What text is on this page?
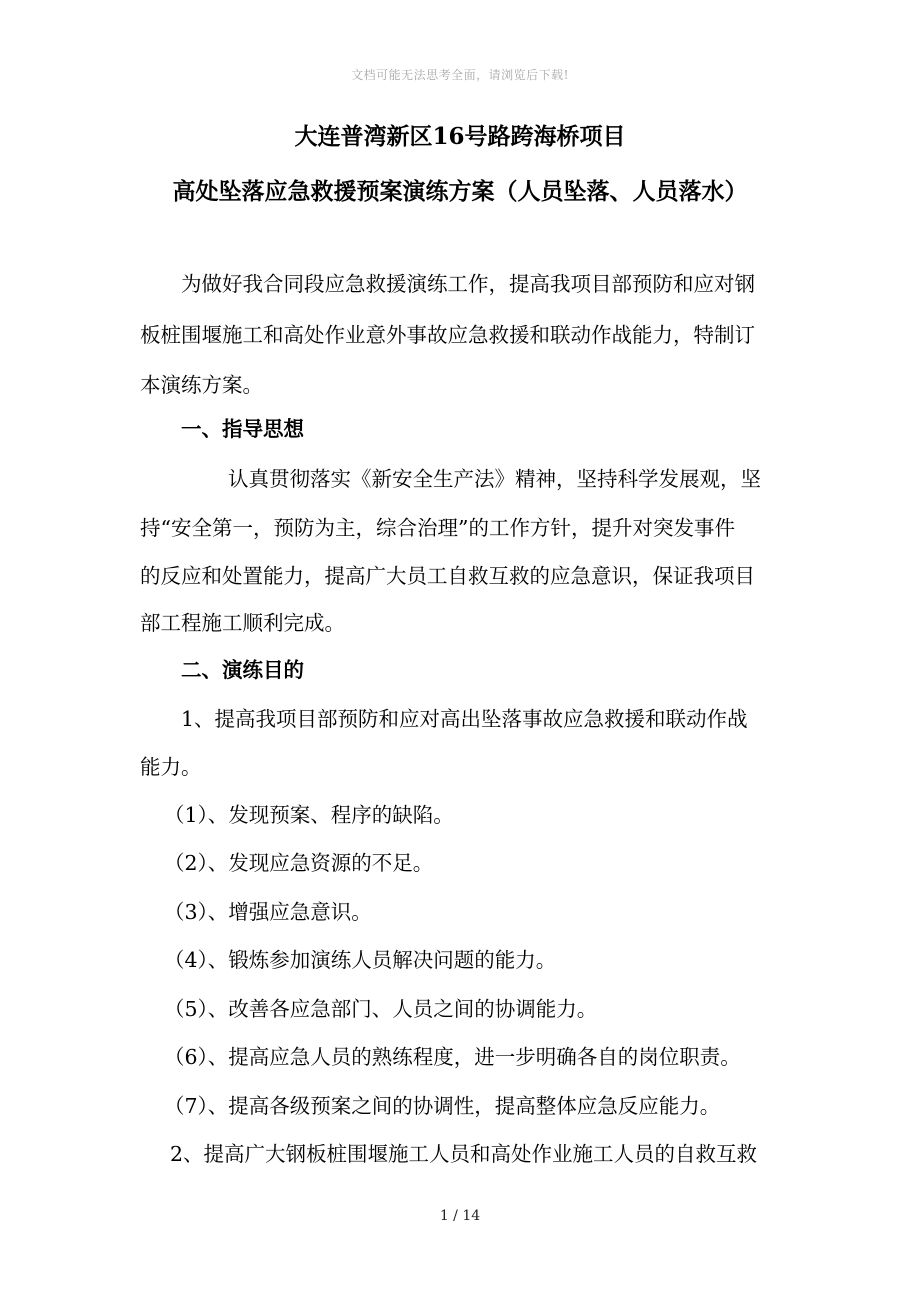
文档可能无法思考全面，请浏览后下载!
大连普湾新区16号路跨海桥项目
高处坠落应急救援预案演练方案（人员坠落、人员落水）
为做好我合同段应急救援演练工作，提高我项目部预防和应对钢
板桩围堰施工和高处作业意外事故应急救援和联动作战能力，特制订
本演练方案。
一、指导思想
认真贯彻落实《新安全生产法》精神，坚持科学发展观，坚
持“安全第一，预防为主，综合治理”的工作方针，提升对突发事件
的反应和处置能力，提高广大员工自救互救的应急意识，保证我项目
部工程施工顺利完成。
二、演练目的
1、提高我项目部预防和应对高出坠落事故应急救援和联动作战
能力。
（1）、发现预案、程序的缺陷。
（2）、发现应急资源的不足。
（3）、增强应急意识。
（4）、锻炼参加演练人员解决问题的能力。
（5）、改善各应急部门、人员之间的协调能力。
（6）、提高应急人员的熟练程度，进一步明确各自的岗位职责。
（7）、提高各级预案之间的协调性，提高整体应急反应能力。
2、提高广大钢板桩围堰施工人员和高处作业施工人员的自救互救
1 / 14
